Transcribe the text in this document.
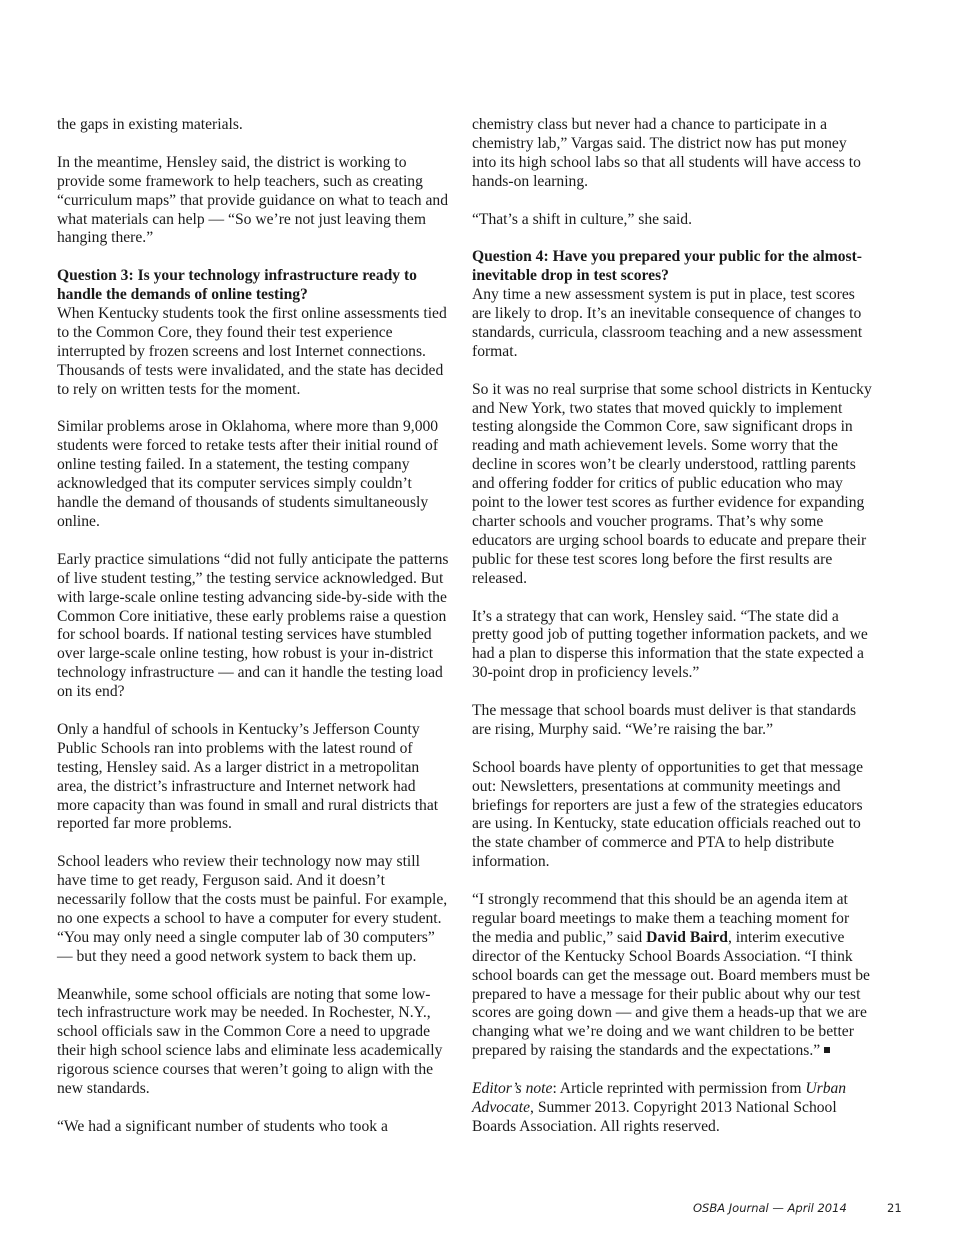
the gaps in existing materials.

In the meantime, Hensley said, the district is working to provide some framework to help teachers, such as creating “curriculum maps” that provide guidance on what to teach and what materials can help — “So we’re not just leaving them hanging there.”

Question 3: Is your technology infrastructure ready to handle the demands of online testing?

When Kentucky students took the first online assessments tied to the Common Core, they found their test experience interrupted by frozen screens and lost Internet connections. Thousands of tests were invalidated, and the state has decided to rely on written tests for the moment.

Similar problems arose in Oklahoma, where more than 9,000 students were forced to retake tests after their initial round of online testing failed. In a statement, the testing company acknowledged that its computer services simply couldn’t handle the demand of thousands of students simultaneously online.

Early practice simulations “did not fully anticipate the patterns of live student testing,” the testing service acknowledged. But with large-scale online testing advancing side-by-side with the Common Core initiative, these early problems raise a question for school boards. If national testing services have stumbled over large-scale online testing, how robust is your in-district technology infrastructure — and can it handle the testing load on its end?

Only a handful of schools in Kentucky’s Jefferson County Public Schools ran into problems with the latest round of testing, Hensley said. As a larger district in a metropolitan area, the district’s infrastructure and Internet network had more capacity than was found in small and rural districts that reported far more problems.

School leaders who review their technology now may still have time to get ready, Ferguson said. And it doesn’t necessarily follow that the costs must be painful. For example, no one expects a school to have a computer for every student. “You may only need a single computer lab of 30 computers” — but they need a good network system to back them up.

Meanwhile, some school officials are noting that some low-tech infrastructure work may be needed. In Rochester, N.Y., school officials saw in the Common Core a need to upgrade their high school science labs and eliminate less academically rigorous science courses that weren’t going to align with the new standards.

“We had a significant number of students who took a

chemistry class but never had a chance to participate in a chemistry lab,” Vargas said. The district now has put money into its high school labs so that all students will have access to hands-on learning.

“That’s a shift in culture,” she said.

Question 4: Have you prepared your public for the almost-inevitable drop in test scores?

Any time a new assessment system is put in place, test scores are likely to drop. It’s an inevitable consequence of changes to standards, curricula, classroom teaching and a new assessment format.

So it was no real surprise that some school districts in Kentucky and New York, two states that moved quickly to implement testing alongside the Common Core, saw significant drops in reading and math achievement levels. Some worry that the decline in scores won’t be clearly understood, rattling parents and offering fodder for critics of public education who may point to the lower test scores as further evidence for expanding charter schools and voucher programs. That’s why some educators are urging school boards to educate and prepare their public for these test scores long before the first results are released.

It’s a strategy that can work, Hensley said. “The state did a pretty good job of putting together information packets, and we had a plan to disperse this information that the state expected a 30-point drop in proficiency levels.”

The message that school boards must deliver is that standards are rising, Murphy said. “We’re raising the bar.”

School boards have plenty of opportunities to get that message out: Newsletters, presentations at community meetings and briefings for reporters are just a few of the strategies educators are using. In Kentucky, state education officials reached out to the state chamber of commerce and PTA to help distribute information.

“I strongly recommend that this should be an agenda item at regular board meetings to make them a teaching moment for the media and public,” said David Baird, interim executive director of the Kentucky School Boards Association. “I think school boards can get the message out. Board members must be prepared to have a message for their public about why our test scores are going down — and give them a heads-up that we are changing what we’re doing and we want children to be better prepared by raising the standards and the expectations.”

Editor’s note: Article reprinted with permission from Urban Advocate, Summer 2013. Copyright 2013 National School Boards Association. All rights reserved.

OSBA Journal — April 2014	21
